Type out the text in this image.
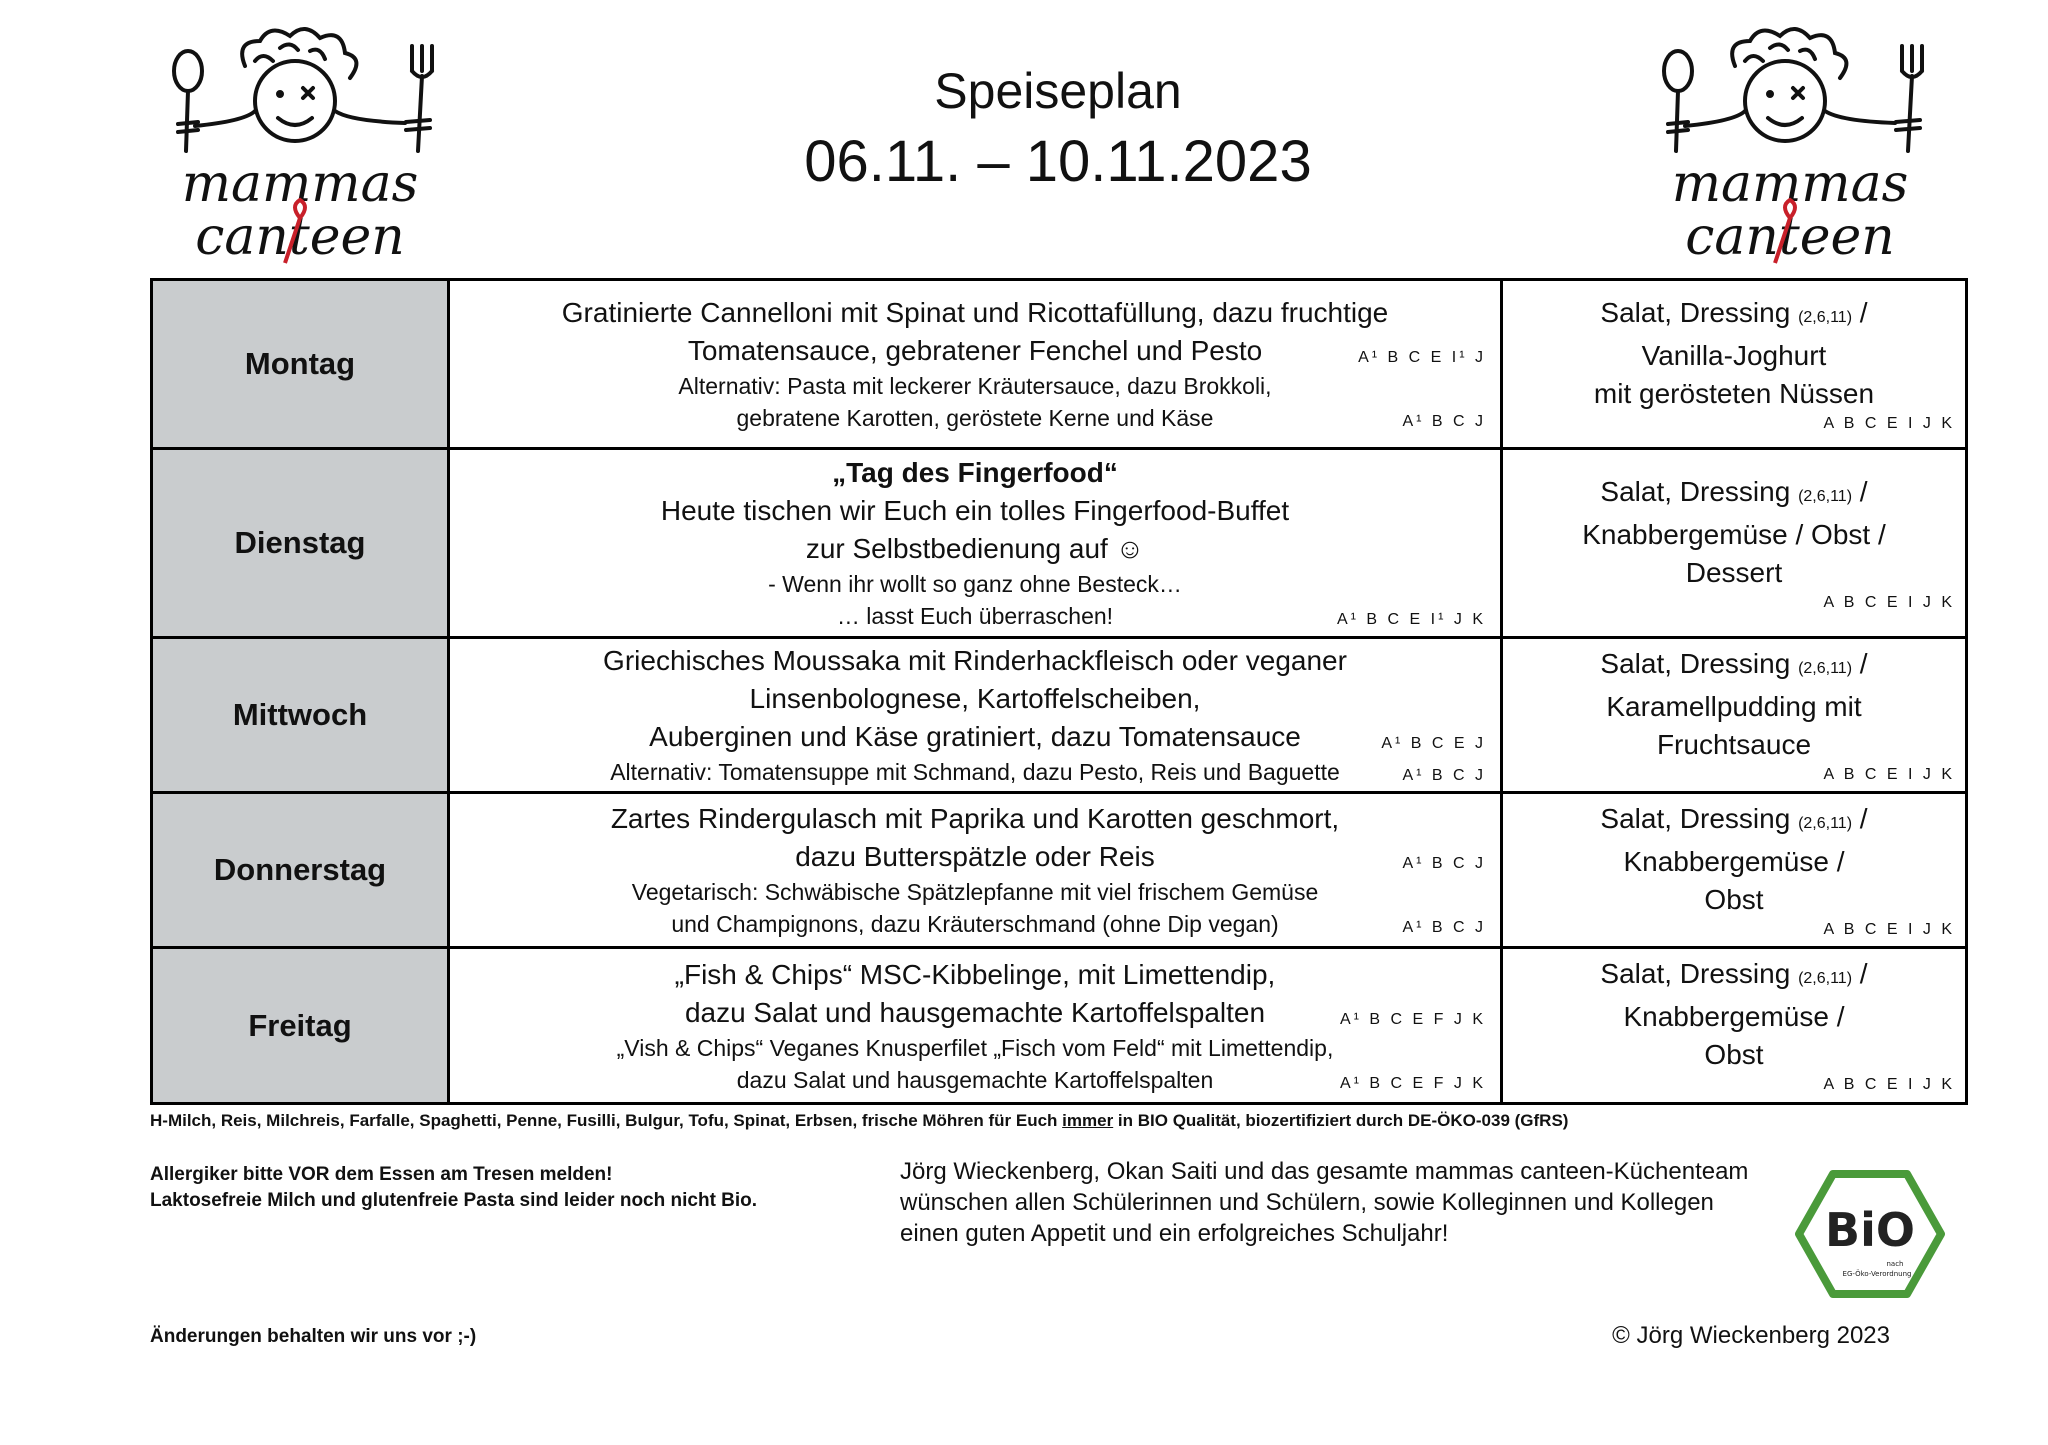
mammas
canteen
mammas
canteen
Speiseplan
06.11. – 10.11.2023
Montag
Gratinierte Cannelloni mit Spinat und Ricottafüllung, dazu fruchtige
Tomatensauce, gebratener Fenchel und Pesto	A¹ B C E I¹ J
Alternativ: Pasta mit leckerer Kräutersauce, dazu Brokkoli,
gebratene Karotten, geröstete Kerne und Käse	A¹ B C J
Salat, Dressing (2,6,11) /
Vanilla-Joghurt
mit gerösteten Nüssen
A B C E I J K
Dienstag
„Tag des Fingerfood“
Heute tischen wir Euch ein tolles Fingerfood-Buffet
zur Selbstbedienung auf ☺
- Wenn ihr wollt so ganz ohne Besteck…
… lasst Euch überraschen!	A¹ B C E I¹ J K
Salat, Dressing (2,6,11) /
Knabbergemüse / Obst /
Dessert
A B C E I J K
Mittwoch
Griechisches Moussaka mit Rinderhackfleisch oder veganer
Linsenbolognese, Kartoffelscheiben,
Auberginen und Käse gratiniert, dazu Tomatensauce	A¹ B C E J
Alternativ: Tomatensuppe mit Schmand, dazu Pesto, Reis und Baguette	A¹ B C J
Salat, Dressing (2,6,11) /
Karamellpudding mit
Fruchtsauce
A B C E I J K
Donnerstag
Zartes Rindergulasch mit Paprika und Karotten geschmort,
dazu Butterspätzle oder Reis	A¹ B C J
Vegetarisch: Schwäbische Spätzlepfanne mit viel frischem Gemüse
und Champignons, dazu Kräuterschmand (ohne Dip vegan)	A¹ B C J
Salat, Dressing (2,6,11) /
Knabbergemüse /
Obst
A B C E I J K
Freitag
„Fish & Chips“ MSC-Kibbelinge, mit Limettendip,
dazu Salat und hausgemachte Kartoffelspalten	A¹ B C E F J K
„Vish & Chips“ Veganes Knusperfilet „Fisch vom Feld“ mit Limettendip,
dazu Salat und hausgemachte Kartoffelspalten	A¹ B C E F J K
Salat, Dressing (2,6,11) /
Knabbergemüse /
Obst
A B C E I J K
H-Milch, Reis, Milchreis, Farfalle, Spaghetti, Penne, Fusilli, Bulgur, Tofu, Spinat, Erbsen, frische Möhren für Euch immer in BIO Qualität, biozertifiziert durch DE-ÖKO-039 (GfRS)
Allergiker bitte VOR dem Essen am Tresen melden!
Laktosefreie Milch und glutenfreie Pasta sind leider noch nicht Bio.
Jörg Wieckenberg, Okan Saiti und das gesamte mammas canteen-Küchenteam
wünschen allen Schülerinnen und Schülern, sowie Kolleginnen und Kollegen
einen guten Appetit und ein erfolgreiches Schuljahr!	BiO
nach
EG-Öko-Verordnung
Änderungen behalten wir uns vor ;-)	© Jörg Wieckenberg 2023
